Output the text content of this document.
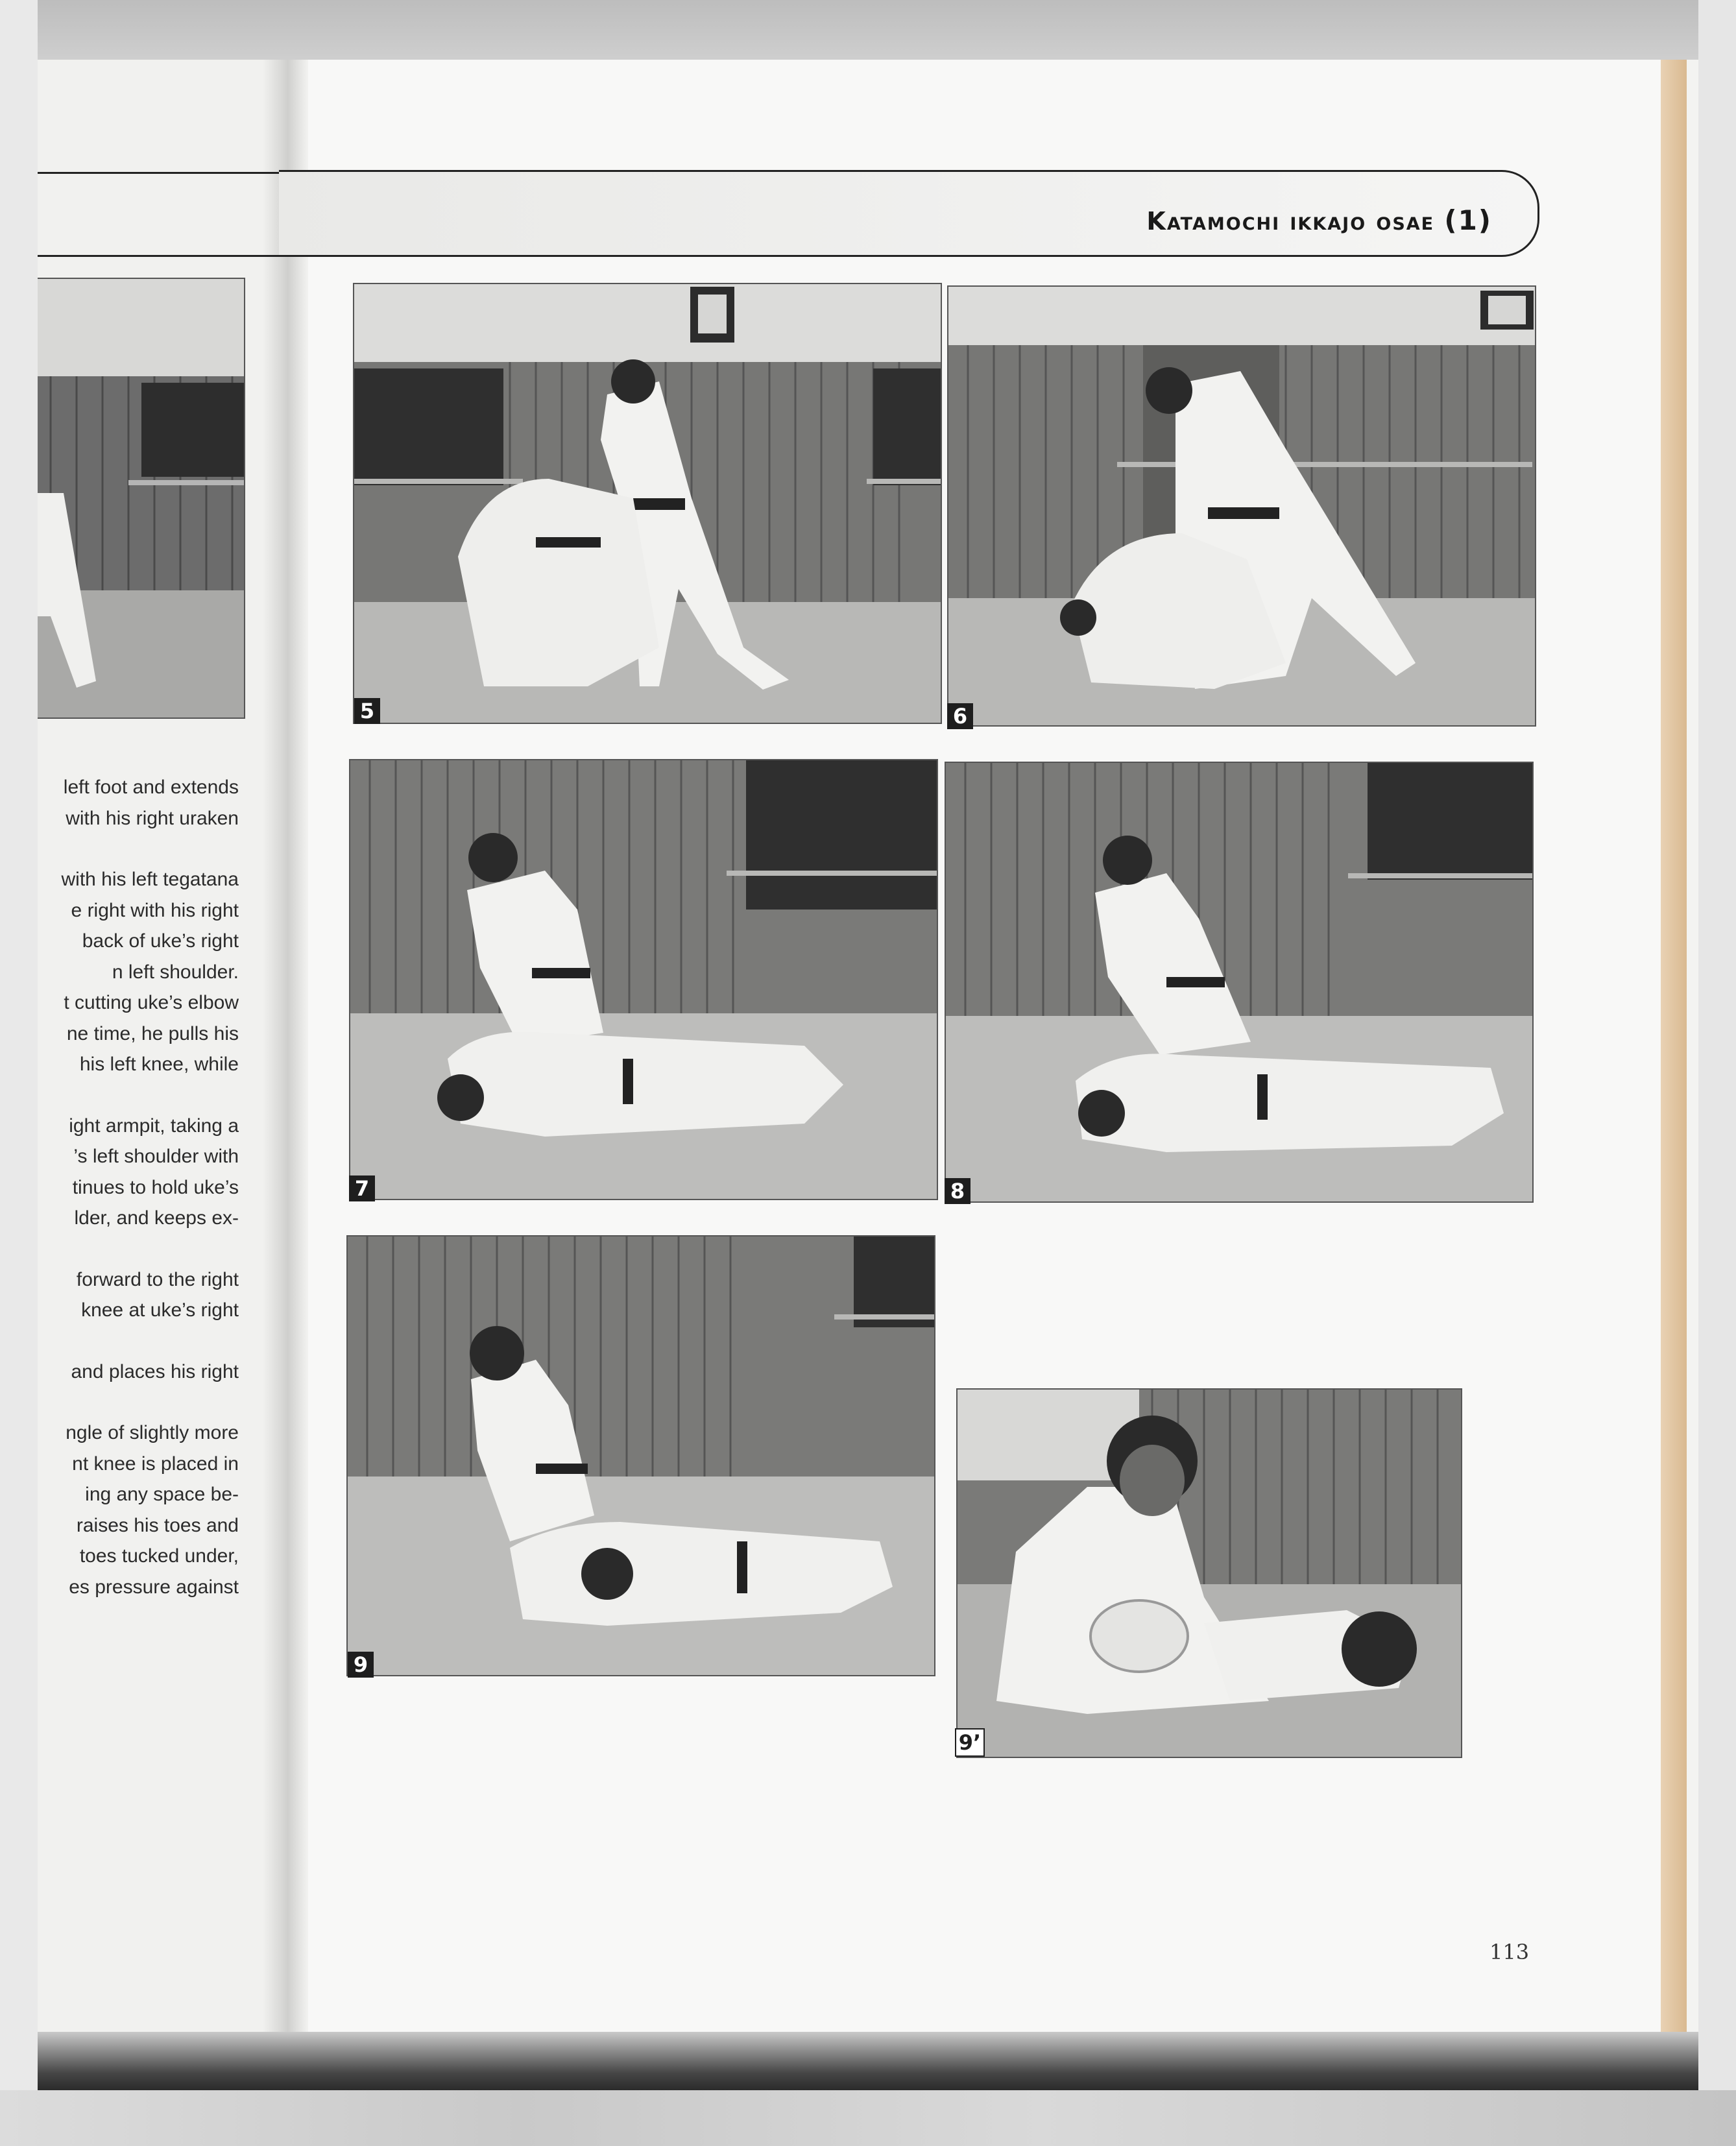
left foot and extends

with his right uraken

with his left tegatana

e right with his right

back of uke’s right

n left shoulder.

t cutting uke’s elbow

ne time, he pulls his

his left knee, while

ight armpit, taking a

’s left shoulder with

tinues to hold uke’s

lder, and keeps ex-

forward to the right

knee at uke’s right

and places his right

ngle of slightly more

nt knee is placed in

ing any space be-

raises his toes and

toes tucked under,

es pressure against

Katamochi ikkajo osae (1)
5	6
7	8
9
9’
113
